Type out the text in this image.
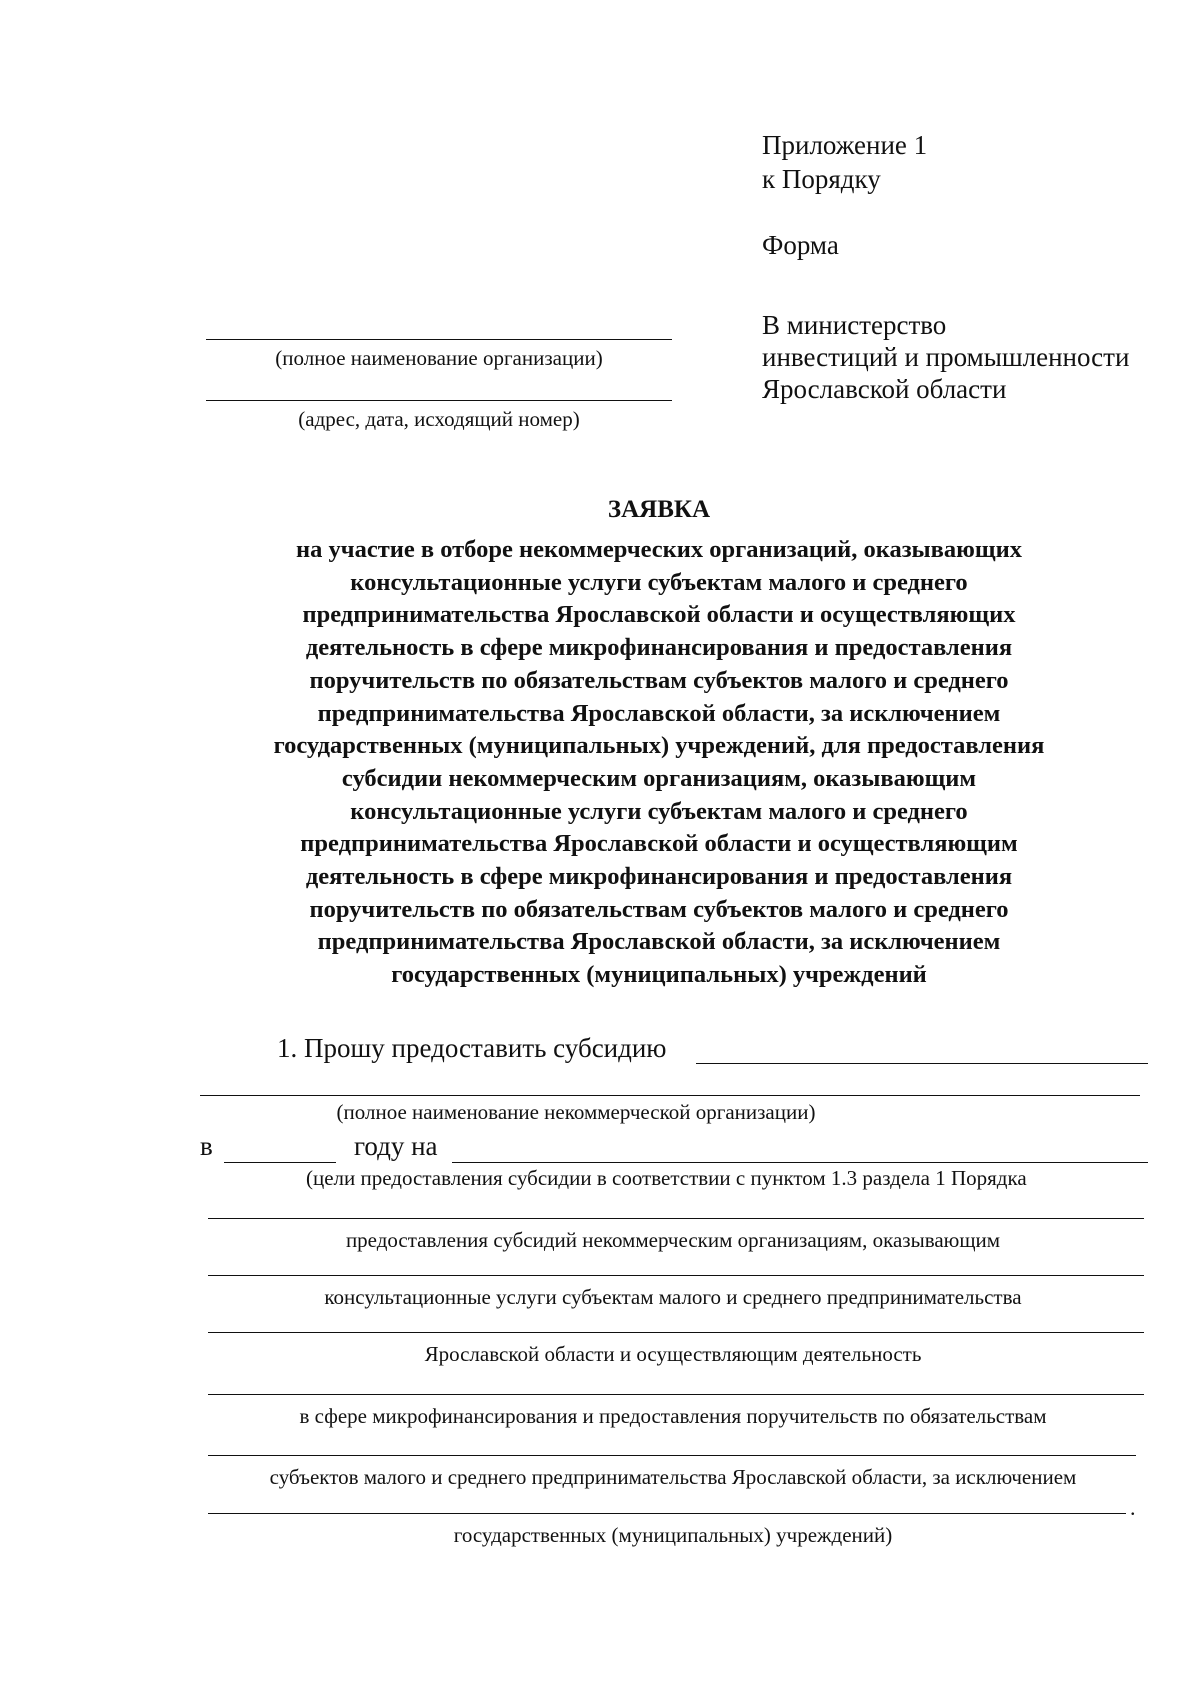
Приложение 1
к Порядку
Форма
(полное наименование организации)
(адрес, дата, исходящий номер)
В министерство
инвестиций и промышленности
Ярославской области
ЗАЯВКА
на участие в отборе некоммерческих организаций, оказывающих
консультационные услуги субъектам малого и среднего
предпринимательства Ярославской области и осуществляющих
деятельность в сфере микрофинансирования и предоставления
поручительств по обязательствам субъектов малого и среднего
предпринимательства Ярославской области, за исключением
государственных (муниципальных) учреждений, для предоставления
субсидии некоммерческим организациям, оказывающим
консультационные услуги субъектам малого и среднего
предпринимательства Ярославской области и осуществляющим
деятельность в сфере микрофинансирования и предоставления
поручительств по обязательствам субъектов малого и среднего
предпринимательства Ярославской области, за исключением
государственных (муниципальных) учреждений
1. Прошу предоставить субсидию
(полное наименование некоммерческой организации)
в	году на
(цели предоставления субсидии в соответствии с пунктом 1.3 раздела 1 Порядка
предоставления субсидий некоммерческим организациям, оказывающим
консультационные услуги субъектам малого и среднего предпринимательства
Ярославской области и осуществляющим деятельность
в сфере микрофинансирования и предоставления поручительств по обязательствам
субъектов малого и среднего предпринимательства Ярославской области, за исключением
.
государственных (муниципальных) учреждений)
